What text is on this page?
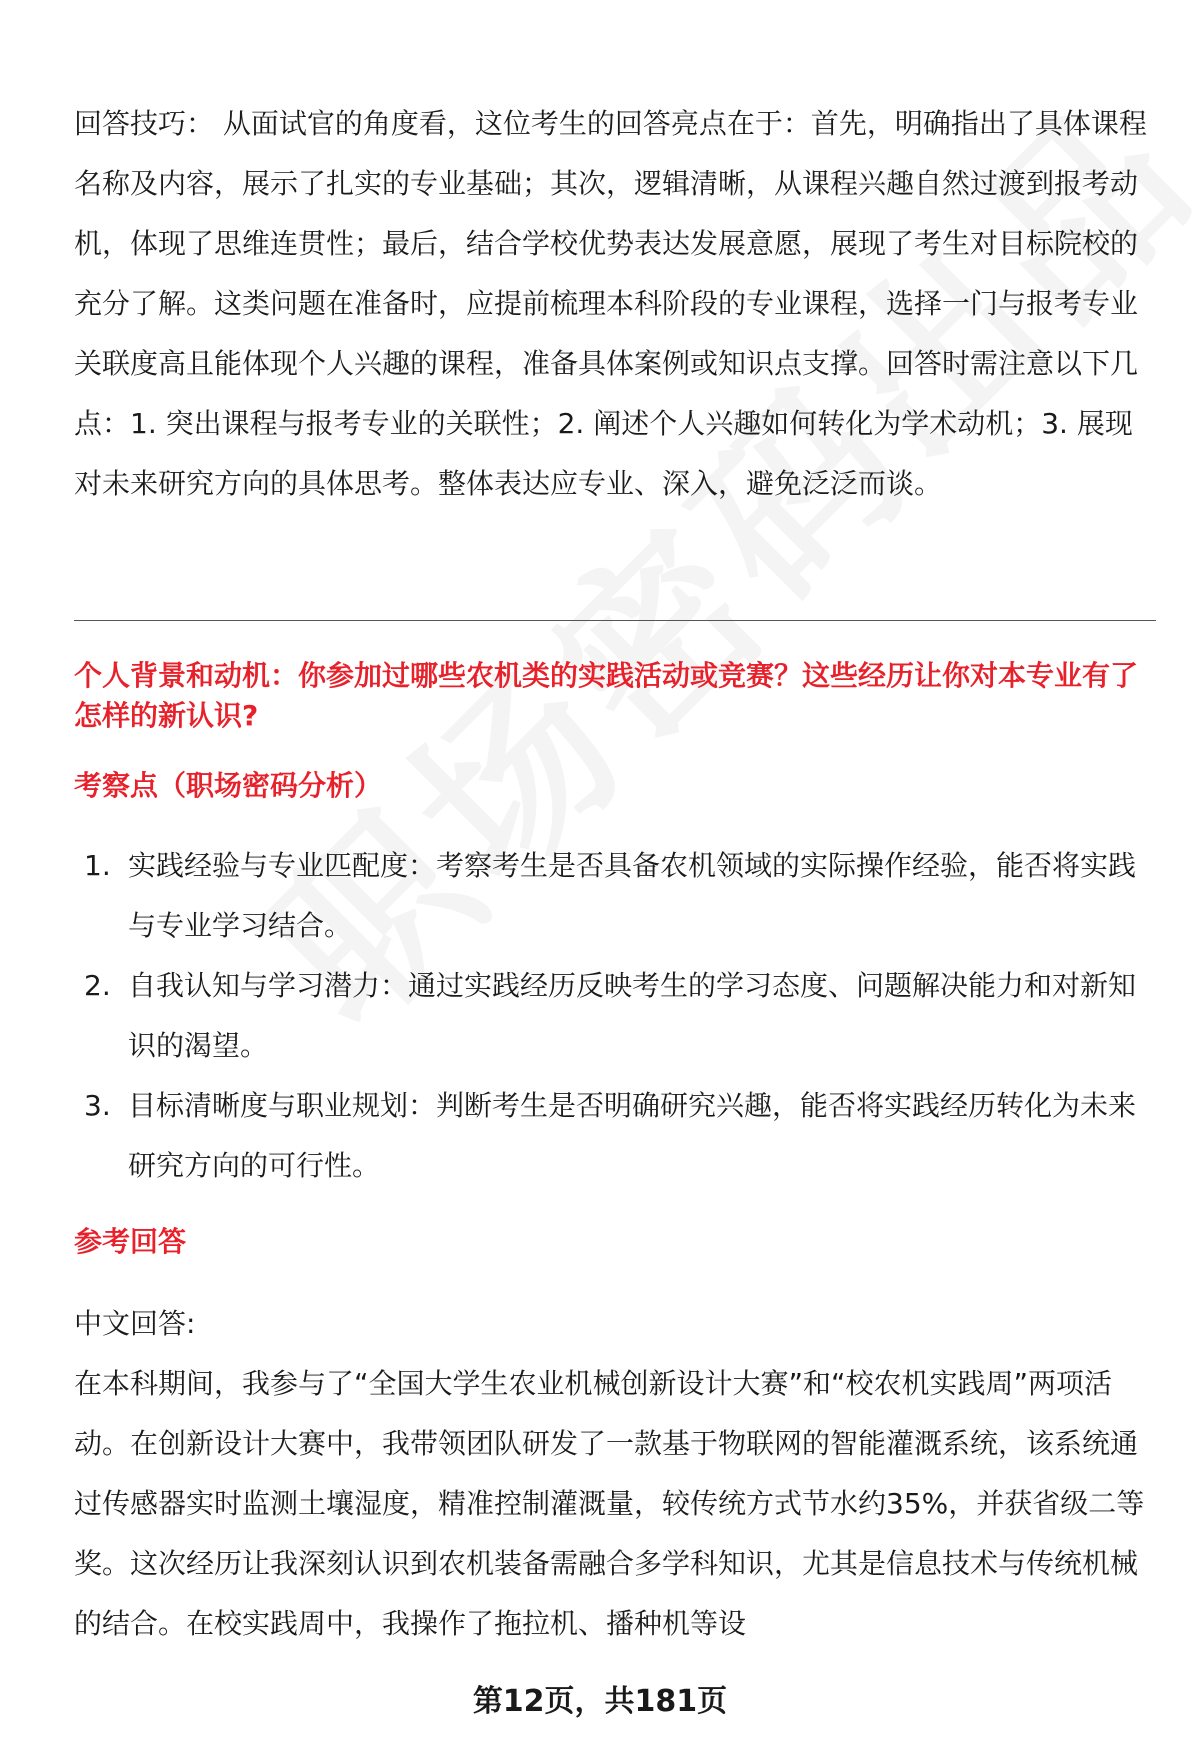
回答技巧： 从面试官的角度看，这位考生的回答亮点在于：首先，明确指出了具体课程名称及内容，展示了扎实的专业基础；其次，逻辑清晰，从课程兴趣自然过渡到报考动机，体现了思维连贯性；最后，结合学校优势表达发展意愿，展现了考生对目标院校的充分了解。这类问题在准备时，应提前梳理本科阶段的专业课程，选择一门与报考专业关联度高且能体现个人兴趣的课程，准备具体案例或知识点支撑。回答时需注意以下几点：1. 突出课程与报考专业的关联性；2. 阐述个人兴趣如何转化为学术动机；3. 展现对未来研究方向的具体思考。整体表达应专业、深入，避免泛泛而谈。

个人背景和动机：你参加过哪些农机类的实践活动或竞赛？这些经历让你对本专业有了怎样的新认识?

考察点（职场密码分析）

1. 实践经验与专业匹配度：考察考生是否具备农机领域的实际操作经验，能否将实践与专业学习结合。
2. 自我认知与学习潜力：通过实践经历反映考生的学习态度、问题解决能力和对新知识的渴望。
3. 目标清晰度与职业规划：判断考生是否明确研究兴趣，能否将实践经历转化为未来研究方向的可行性。

参考回答

中文回答:

在本科期间，我参与了“全国大学生农业机械创新设计大赛”和“校农机实践周”两项活动。在创新设计大赛中，我带领团队研发了一款基于物联网的智能灌溉系统，该系统通过传感器实时监测土壤湿度，精准控制灌溉量，较传统方式节水约35%，并获省级二等奖。这次经历让我深刻认识到农机装备需融合多学科知识，尤其是信息技术与传统机械的结合。在校实践周中，我操作了拖拉机、播种机等设

第12页，共181页
